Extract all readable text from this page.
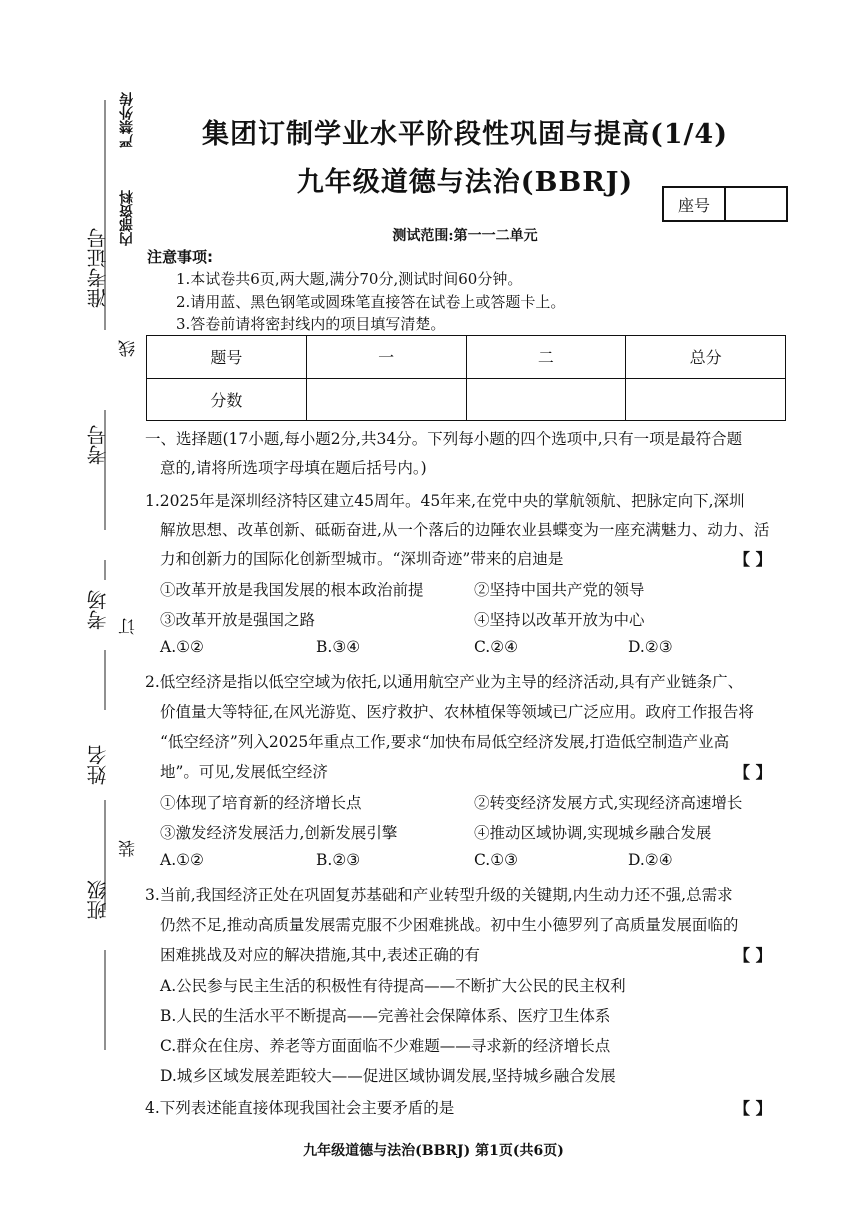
严禁外传
内部资料
准考证号
线
考号
考场 订
姓名
装
班级
集团订制学业水平阶段性巩固与提高(1/4)
九年级道德与法治(BBRJ)
座号
测试范围:第一一二单元
注意事项:
1.本试卷共6页,两大题,满分70分,测试时间60分钟。
2.请用蓝、黑色钢笔或圆珠笔直接答在试卷上或答题卡上。
3.答卷前请将密封线内的项目填写清楚。
题号	一	二	总分
分数			
一、选择题(17小题,每小题2分,共34分。下列每小题的四个选项中,只有一项是最符合题
意的,请将所选项字母填在题后括号内。)
1.2025年是深圳经济特区建立45周年。45年来,在党中央的掌航领航、把脉定向下,深圳
解放思想、改革创新、砥砺奋进,从一个落后的边陲农业县蝶变为一座充满魅力、动力、活
力和创新力的国际化创新型城市。“深圳奇迹”带来的启迪是	【 】
①改革开放是我国发展的根本政治前提	②坚持中国共产党的领导
③改革开放是强国之路	④坚持以改革开放为中心
A.①②	B.③④	C.②④	D.②③
2.低空经济是指以低空空域为依托,以通用航空产业为主导的经济活动,具有产业链条广、
价值量大等特征,在风光游览、医疗救护、农林植保等领域已广泛应用。政府工作报告将
“低空经济”列入2025年重点工作,要求“加快布局低空经济发展,打造低空制造产业高
地”。可见,发展低空经济	【 】
①体现了培育新的经济增长点	②转变经济发展方式,实现经济高速增长
③激发经济发展活力,创新发展引擎	④推动区域协调,实现城乡融合发展
A.①②	B.②③	C.①③	D.②④
3.当前,我国经济正处在巩固复苏基础和产业转型升级的关键期,内生动力还不强,总需求
仍然不足,推动高质量发展需克服不少困难挑战。初中生小德罗列了高质量发展面临的
困难挑战及对应的解决措施,其中,表述正确的有	【 】
A.公民参与民主生活的积极性有待提高——不断扩大公民的民主权利
B.人民的生活水平不断提高——完善社会保障体系、医疗卫生体系
C.群众在住房、养老等方面面临不少难题——寻求新的经济增长点
D.城乡区域发展差距较大——促进区域协调发展,坚持城乡融合发展
4.下列表述能直接体现我国社会主要矛盾的是	【 】
九年级道德与法治(BBRJ) 第1页(共6页)
